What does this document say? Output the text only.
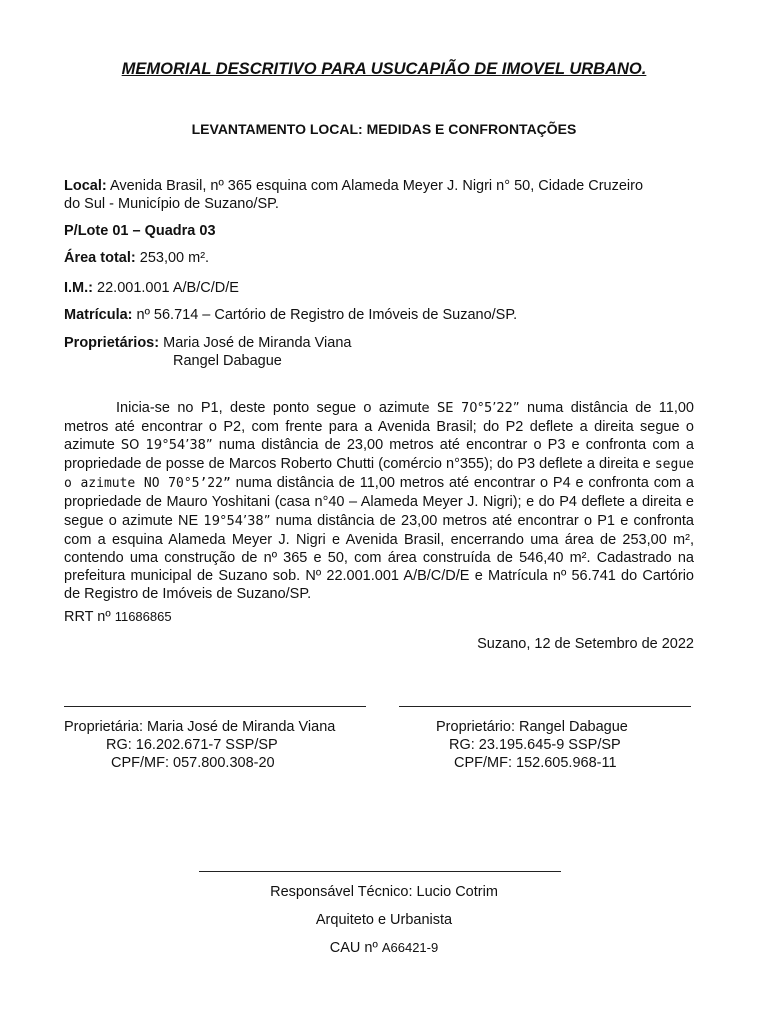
MEMORIAL DESCRITIVO PARA USUCAPIÃO DE IMOVEL URBANO.
LEVANTAMENTO LOCAL: MEDIDAS E CONFRONTAÇÕES
Local: Avenida Brasil, nº 365 esquina com Alameda Meyer J. Nigri n° 50, Cidade Cruzeiro
do Sul - Município de Suzano/SP.
P/Lote 01 – Quadra 03
Área total: 253,00 m².
I.M.: 22.001.001 A/B/C/D/E
Matrícula: nº 56.714 – Cartório de Registro de Imóveis de Suzano/SP.
Proprietários: Maria José de Miranda Viana
Rangel Dabague
Inicia-se no P1, deste ponto segue o azimute SE 70°5’22” numa distância de 11,00 metros até encontrar o P2, com frente para a Avenida Brasil; do P2 deflete a direita segue o azimute SO 19°54’38” numa distância de 23,00 metros até encontrar o P3 e confronta com a propriedade de posse de Marcos Roberto Chutti (comércio n°355); do P3 deflete a direita e segue o azimute NO 70°5’22” numa distância de 11,00 metros até encontrar o P4 e confronta com a propriedade de Mauro Yoshitani (casa n°40 – Alameda Meyer J. Nigri); e do P4 deflete a direita e segue o azimute NE 19°54’38” numa distância de 23,00 metros até encontrar o P1 e confronta com a esquina Alameda Meyer J. Nigri e Avenida Brasil, encerrando uma área de 253,00 m², contendo uma construção de nº 365 e 50, com área construída de 546,40 m². Cadastrado na prefeitura municipal de Suzano sob. Nº 22.001.001 A/B/C/D/E e Matrícula nº 56.741 do Cartório de Registro de Imóveis de Suzano/SP.
RRT nº 11686865
Suzano, 12 de Setembro de 2022
Proprietária: Maria José de Miranda Viana
RG: 16.202.671-7 SSP/SP
CPF/MF: 057.800.308-20
Proprietário: Rangel Dabague
RG: 23.195.645-9 SSP/SP
CPF/MF: 152.605.968-11
Responsável Técnico: Lucio Cotrim
Arquiteto e Urbanista
CAU nº A66421-9
